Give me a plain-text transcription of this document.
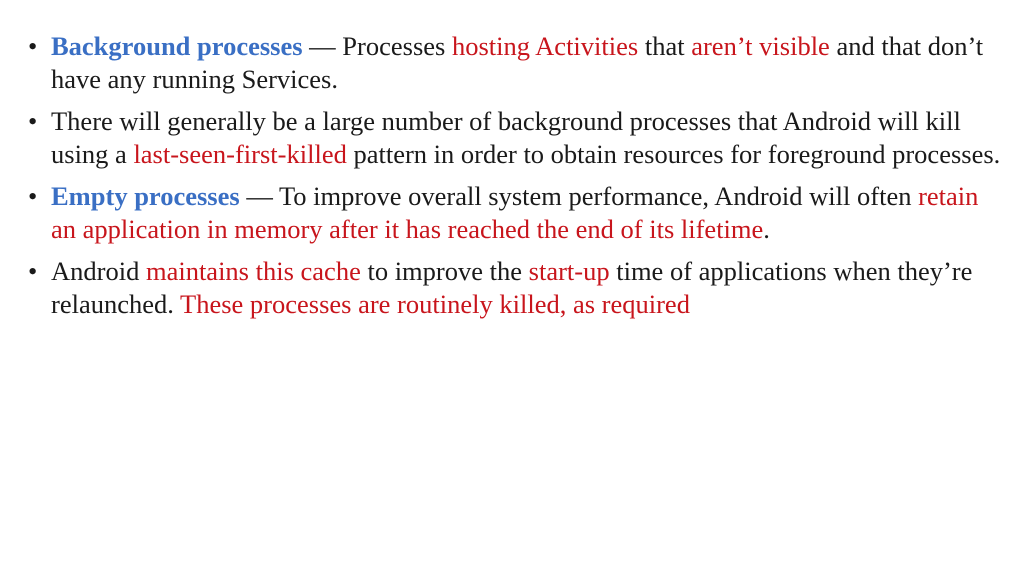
• Background processes — Processes hosting Activities that aren’t visible and that don’t have any running Services.
• There will generally be a large number of background processes that Android will kill using a last-seen-first-killed pattern in order to obtain resources for foreground processes.
• Empty processes — To improve overall system performance, Android will often retain an application in memory after it has reached the end of its lifetime.
• Android maintains this cache to improve the start-up time of applications when they’re relaunched. These processes are routinely killed, as required
